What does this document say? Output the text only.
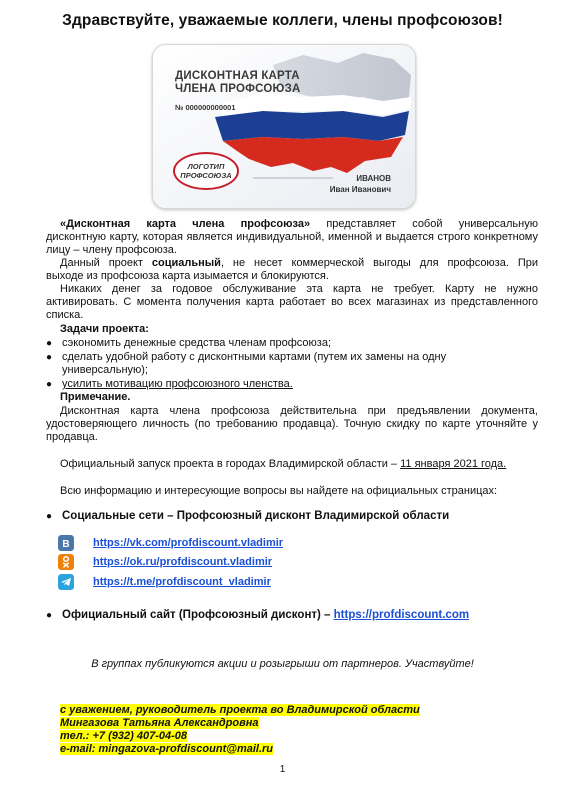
Здравствуйте, уважаемые коллеги, члены профсоюзов!
ДИСКОНТНАЯ КАРТА
ЧЛЕНА ПРОФСОЮЗА
№ 000000000001
ЛОГОТИП
ПРОФСОЮЗА	ИВАНОВ
Иван Иванович
«Дисконтная карта члена профсоюза» представляет собой универсальную
дисконтную карту, которая является индивидуальной, именной и выдается строго конкретному
лицу – члену профсоюза.
Данный проект социальный, не несет коммерческой выгоды для профсоюза. При
выходе из профсоюза карта изымается и блокируются.
Никаких денег за годовое обслуживание эта карта не требует. Карту не нужно
активировать. С момента получения карта работает во всех магазинах из представленного
списка.
Задачи проекта:
● сэкономить денежные средства членам профсоюза;
● сделать удобной работу с дисконтными картами (путем их замены на одну
универсальную);
● усилить мотивацию профсоюзного членства.
Примечание.
Дисконтная карта члена профсоюза действительна при предъявлении документа,
удостоверяющего личность (по требованию продавца). Точную скидку по карте уточняйте у
продавца.
Официальный запуск проекта в городах Владимирской области – 11 января 2021 года.
Всю информацию и интересующие вопросы вы найдете на официальных страницах:
● Социальные сети – Профсоюзный дисконт Владимирской области
B https://vk.com/profdiscount.vladimir
https://ok.ru/profdiscount.vladimir
https://t.me/profdiscount_vladimir
● Официальный сайт (Профсоюзный дисконт) – https://profdiscount.com
В группах публикуются акции и розыгрыши от партнеров. Участвуйте!
с уважением, руководитель проекта во Владимирской области
Мингазова Татьяна Александровна
тел.: +7 (932) 407-04-08
e-mail: mingazova-profdiscount@mail.ru
1
